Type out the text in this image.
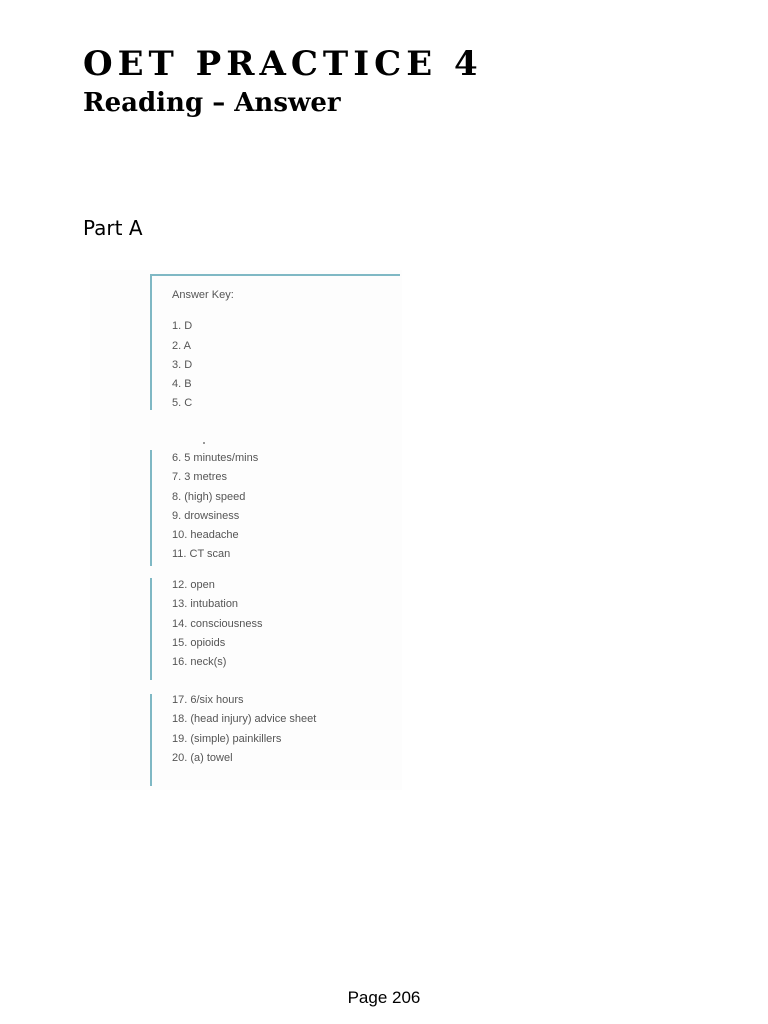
OET PRACTICE 4
Reading – Answer
Part A
Answer Key:
1. D
2. A
3. D
4. B
5. C
6. 5 minutes/mins
7. 3 metres
8. (high) speed
9. drowsiness
10. headache
11. CT scan
12. open
13. intubation
14. consciousness
15. opioids
16. neck(s)
17. 6/six hours
18. (head injury) advice sheet
19. (simple) painkillers
20. (a) towel
Page 206
